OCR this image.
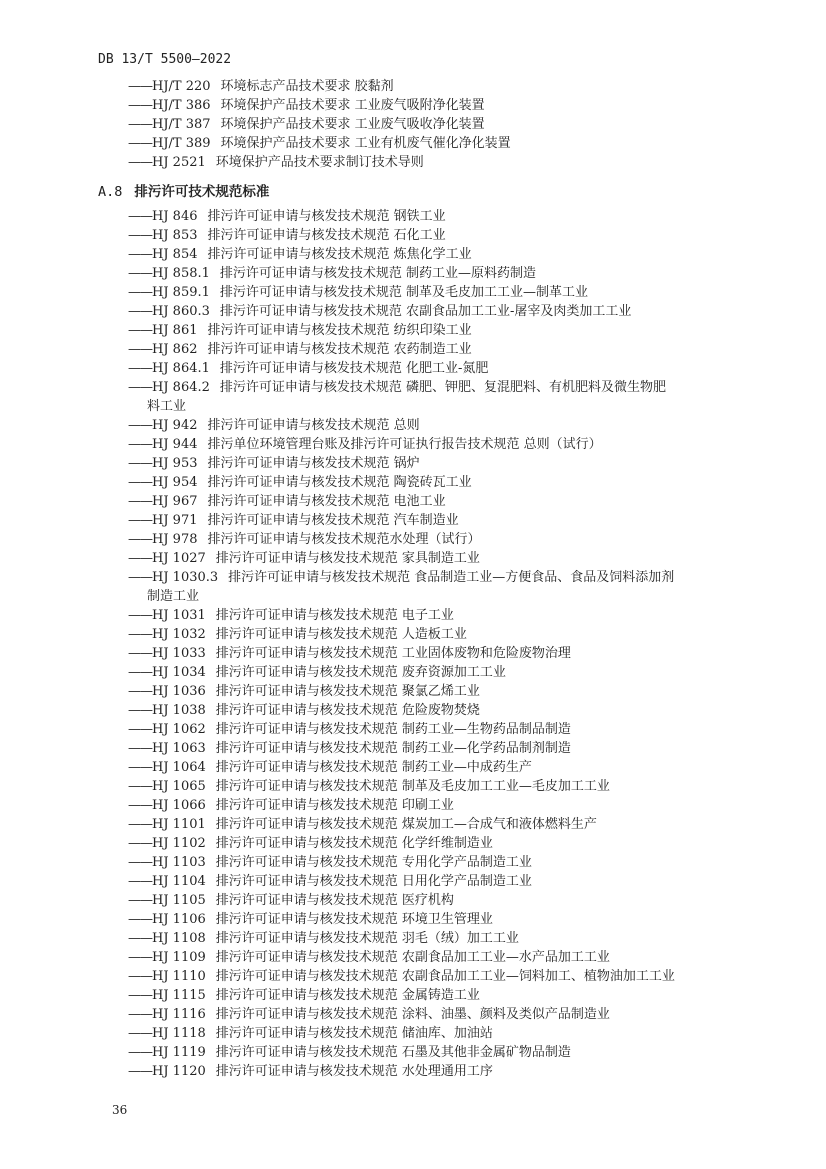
DB 13/T 5500—2022
——HJ/T 220 环境标志产品技术要求 胶黏剂
——HJ/T 386 环境保护产品技术要求 工业废气吸附净化装置
——HJ/T 387 环境保护产品技术要求 工业废气吸收净化装置
——HJ/T 389 环境保护产品技术要求 工业有机废气催化净化装置
——HJ 2521 环境保护产品技术要求制订技术导则
A.8 排污许可技术规范标准
——HJ 846 排污许可证申请与核发技术规范 钢铁工业
——HJ 853 排污许可证申请与核发技术规范 石化工业
——HJ 854 排污许可证申请与核发技术规范 炼焦化学工业
——HJ 858.1 排污许可证申请与核发技术规范 制药工业—原料药制造
——HJ 859.1 排污许可证申请与核发技术规范 制革及毛皮加工工业—制革工业
——HJ 860.3 排污许可证申请与核发技术规范 农副食品加工工业-屠宰及肉类加工工业
——HJ 861 排污许可证申请与核发技术规范 纺织印染工业
——HJ 862 排污许可证申请与核发技术规范 农药制造工业
——HJ 864.1 排污许可证申请与核发技术规范 化肥工业-氮肥
——HJ 864.2 排污许可证申请与核发技术规范 磷肥、钾肥、复混肥料、有机肥料及微生物肥
料工业
——HJ 942 排污许可证申请与核发技术规范 总则
——HJ 944 排污单位环境管理台账及排污许可证执行报告技术规范 总则（试行）
——HJ 953 排污许可证申请与核发技术规范 锅炉
——HJ 954 排污许可证申请与核发技术规范 陶瓷砖瓦工业
——HJ 967 排污许可证申请与核发技术规范 电池工业
——HJ 971 排污许可证申请与核发技术规范 汽车制造业
——HJ 978 排污许可证申请与核发技术规范水处理（试行）
——HJ 1027 排污许可证申请与核发技术规范 家具制造工业
——HJ 1030.3 排污许可证申请与核发技术规范 食品制造工业—方便食品、食品及饲料添加剂
制造工业
——HJ 1031 排污许可证申请与核发技术规范 电子工业
——HJ 1032 排污许可证申请与核发技术规范 人造板工业
——HJ 1033 排污许可证申请与核发技术规范 工业固体废物和危险废物治理
——HJ 1034 排污许可证申请与核发技术规范 废弃资源加工工业
——HJ 1036 排污许可证申请与核发技术规范 聚氯乙烯工业
——HJ 1038 排污许可证申请与核发技术规范 危险废物焚烧
——HJ 1062 排污许可证申请与核发技术规范 制药工业—生物药品制品制造
——HJ 1063 排污许可证申请与核发技术规范 制药工业—化学药品制剂制造
——HJ 1064 排污许可证申请与核发技术规范 制药工业—中成药生产
——HJ 1065 排污许可证申请与核发技术规范 制革及毛皮加工工业—毛皮加工工业
——HJ 1066 排污许可证申请与核发技术规范 印刷工业
——HJ 1101 排污许可证申请与核发技术规范 煤炭加工—合成气和液体燃料生产
——HJ 1102 排污许可证申请与核发技术规范 化学纤维制造业
——HJ 1103 排污许可证申请与核发技术规范 专用化学产品制造工业
——HJ 1104 排污许可证申请与核发技术规范 日用化学产品制造工业
——HJ 1105 排污许可证申请与核发技术规范 医疗机构
——HJ 1106 排污许可证申请与核发技术规范 环境卫生管理业
——HJ 1108 排污许可证申请与核发技术规范 羽毛（绒）加工工业
——HJ 1109 排污许可证申请与核发技术规范 农副食品加工工业—水产品加工工业
——HJ 1110 排污许可证申请与核发技术规范 农副食品加工工业—饲料加工、植物油加工工业
——HJ 1115 排污许可证申请与核发技术规范 金属铸造工业
——HJ 1116 排污许可证申请与核发技术规范 涂料、油墨、颜料及类似产品制造业
——HJ 1118 排污许可证申请与核发技术规范 储油库、加油站
——HJ 1119 排污许可证申请与核发技术规范 石墨及其他非金属矿物品制造
——HJ 1120 排污许可证申请与核发技术规范 水处理通用工序
36
